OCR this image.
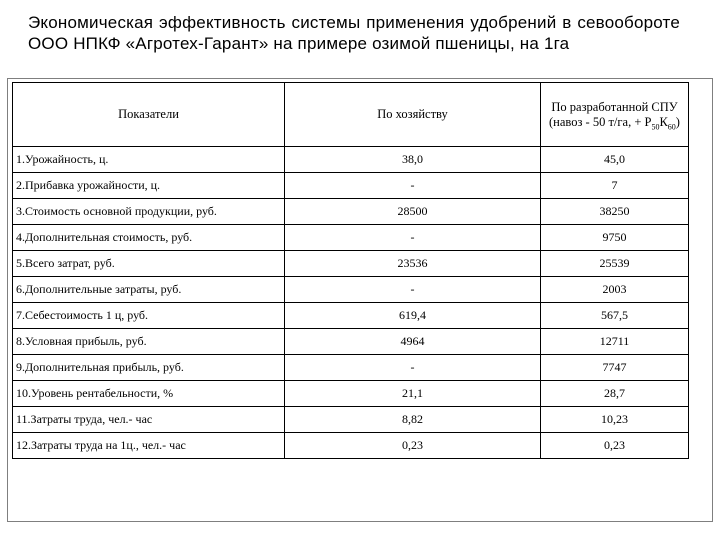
Экономическая эффективность системы применения удобрений в севообороте ООО НПКФ «Агротех-Гарант» на примере озимой пшеницы, на 1га
Показатели	По хозяйству	По разработанной СПУ
(навоз - 50 т/га, + $Р_{50}К_{60}$)
1.Урожайность, ц.	38,0	45,0
2.Прибавка урожайности, ц.	-	7
3.Стоимость основной продукции, руб.	28500	38250
4.Дополнительная стоимость, руб.	-	9750
5.Всего затрат, руб.	23536	25539
6.Дополнительные затраты, руб.	-	2003
7.Себестоимость 1 ц, руб.	619,4	567,5
8.Условная прибыль, руб.	4964	12711
9.Дополнительная прибыль, руб.	-	7747
10.Уровень рентабельности, %	21,1	28,7
11.Затраты труда, чел.- час	8,82	10,23
12.Затраты труда на 1ц., чел.- час	0,23	0,23
